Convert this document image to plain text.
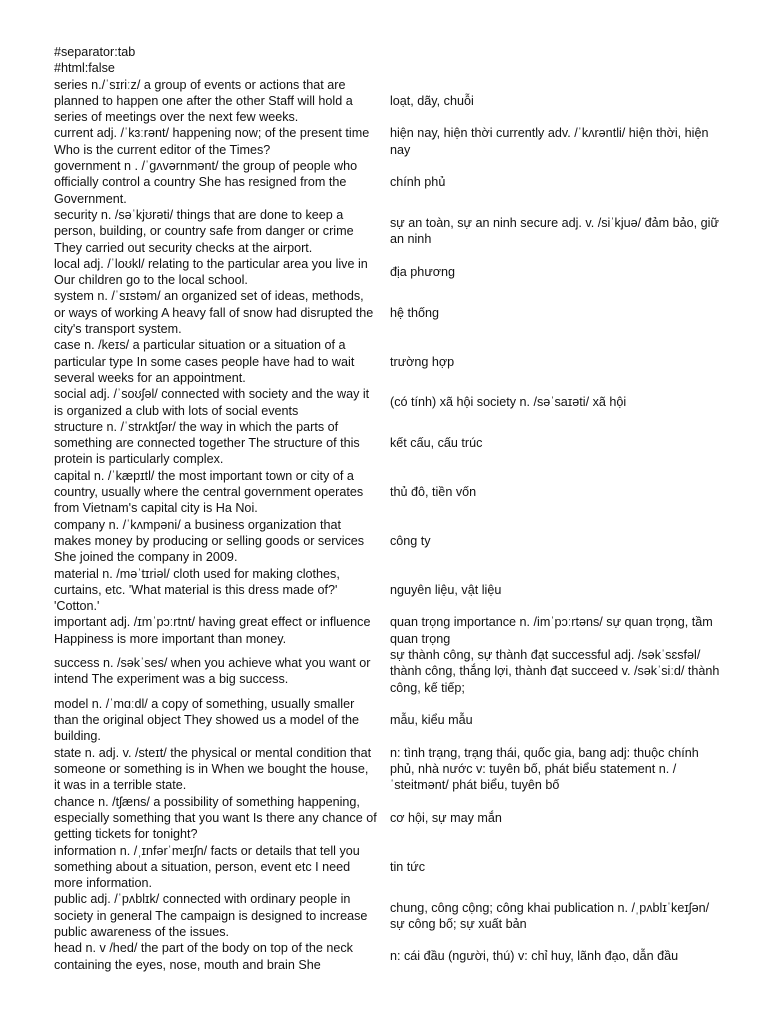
#separator:tab
#html:false
series n./ˈsɪriːz/ a group of events or actions that are planned to happen one after the other Staff will hold a series of meetings over the next few weeks.
loạt, dãy, chuỗi
current adj. /ˈkɜːrənt/ happening now; of the present time Who is the current editor of the Times?
hiện nay, hiện thời currently adv. /ˈkʌrəntli/ hiện thời, hiện nay
government n . /ˈɡʌvərnmənt/ the group of people who officially control a country She has resigned from the Government.
chính phủ
security n. /səˈkjʊrəti/ things that are done to keep a person, building, or country safe from danger or crime They carried out security checks at the airport.
sự an toàn, sự an ninh secure adj. v. /siˈkjuə/ đảm bảo, giữ an ninh
local adj. /ˈloʊkl/ relating to the particular area you live in Our children go to the local school.
địa phương
system n. /ˈsɪstəm/ an organized set of ideas, methods, or ways of working A heavy fall of snow had disrupted the city's transport system.
hệ thống
case n. /keɪs/ a particular situation or a situation of a particular type In some cases people have had to wait several weeks for an appointment.
trường hợp
social adj. /ˈsoʊʃəl/ connected with society and the way it is organized a club with lots of social events
(có tính) xã hội society n. /səˈsaɪəti/ xã hội
structure n. /ˈstrʌktʃər/ the way in which the parts of something are connected together The structure of this protein is particularly complex.
kết cấu, cấu trúc
capital n. /ˈkæpɪtl/ the most important town or city of a country, usually where the central government operates from Vietnam's capital city is Ha Noi.
thủ đô, tiền vốn
company n. /ˈkʌmpəni/ a business organization that makes money by producing or selling goods or services She joined the company in 2009.
công ty
material n. /məˈtɪriəl/ cloth used for making clothes, curtains, etc. 'What material is this dress made of?' 'Cotton.'
nguyên liệu, vật liệu
important adj. /ɪmˈpɔːrtnt/ having great effect or influence Happiness is more important than money.
quan trọng importance n. /imˈpɔːrtəns/ sự quan trọng, tầm quan trọng
success n. /səkˈses/ when you achieve what you want or intend The experiment was a big success.
sự thành công, sự thành đạt successful adj. /səkˈsɛsfəl/ thành công, thắng lợi, thành đạt succeed v. /səkˈsiːd/ thành công, kế tiếp;
model n. /ˈmɑːdl/ a copy of something, usually smaller than the original object They showed us a model of the building.
mẫu, kiểu mẫu
state n. adj. v. /steɪt/ the physical or mental condition that someone or something is in When we bought the house, it was in a terrible state.
n: tình trạng, trạng thái, quốc gia, bang adj: thuộc chính phủ, nhà nước v: tuyên bố, phát biểu statement n. /ˈsteitmənt/ phát biểu, tuyên bố
chance n. /tʃæns/ a possibility of something happening, especially something that you want Is there any chance of getting tickets for tonight?
cơ hội, sự may mắn
information n. /ˌɪnfərˈmeɪʃn/ facts or details that tell you something about a situation, person, event etc I need more information.
tin tức
public adj. /ˈpʌblɪk/ connected with ordinary people in society in general The campaign is designed to increase public awareness of the issues.
chung, công cộng; công khai publication n. /ˌpʌblɪˈkeɪʃən/ sự công bố; sự xuất bản
head n. v /hed/ the part of the body on top of the neck containing the eyes, nose, mouth and brain She
n: cái đầu (người, thú) v: chỉ huy, lãnh đạo, dẫn đầu
